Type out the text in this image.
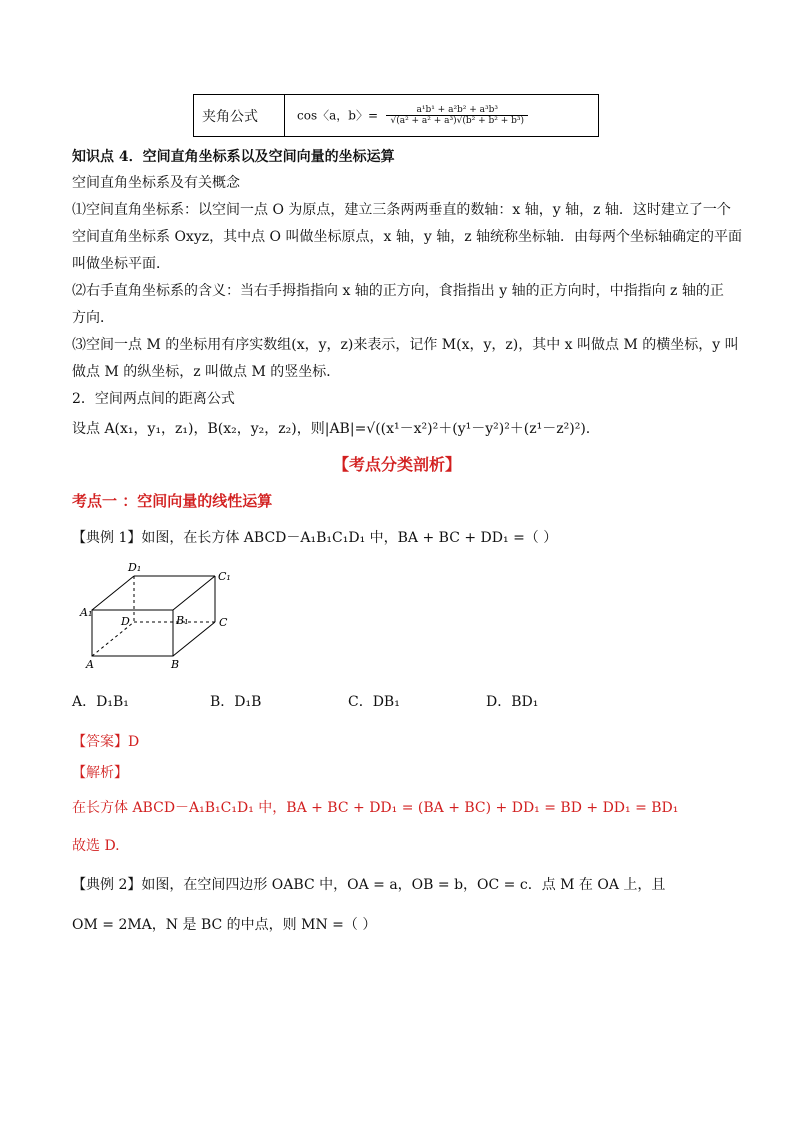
夹角公式	cos〈a，b〉= $\frac{\text{a¹b¹ + a²b² + a³b³}}{\text{√(a² + a² + a³)√(b² + b² + b³)}}$
知识点 4．空间直角坐标系以及空间向量的坐标运算
空间直角坐标系及有关概念
⑴空间直角坐标系：以空间一点 O 为原点，建立三条两两垂直的数轴：x 轴，y 轴，z 轴．这时建立了一个
空间直角坐标系 Oxyz，其中点 O 叫做坐标原点，x 轴，y 轴，z 轴统称坐标轴．由每两个坐标轴确定的平面
叫做坐标平面．
⑵右手直角坐标系的含义：当右手拇指指向 x 轴的正方向，食指指出 y 轴的正方向时，中指指向 z 轴的正
方向．
⑶空间一点 M 的坐标用有序实数组(x，y，z)来表示，记作 M(x，y，z)，其中 x 叫做点 M 的横坐标，y 叫
做点 M 的纵坐标，z 叫做点 M 的竖坐标．
2．空间两点间的距离公式
设点 A(x₁，y₁，z₁)，B(x₂，y₂，z₂)，则|AB|=√((x¹－x²)²＋(y¹－y²)²＋(z¹－z²)²).
【考点分类剖析】
考点一 ：空间向量的线性运算
【典例 1】如图，在长方体 ABCD－A₁B₁C₁D₁ 中，BA + BC + DD₁ =（ ）
D₁
C₁
A₁
B₁
D	C
A	B
A．D₁B₁	B．D₁B	C．DB₁	D．BD₁
【答案】D
【解析】
在长方体 ABCD－A₁B₁C₁D₁ 中，BA + BC + DD₁ = (BA + BC) + DD₁ = BD + DD₁ = BD₁
故选 D.
【典例 2】如图，在空间四边形 OABC 中，OA = a，OB = b，OC = c．点 M 在 OA 上，且
OM = 2MA，N 是 BC 的中点，则 MN =（ ）
